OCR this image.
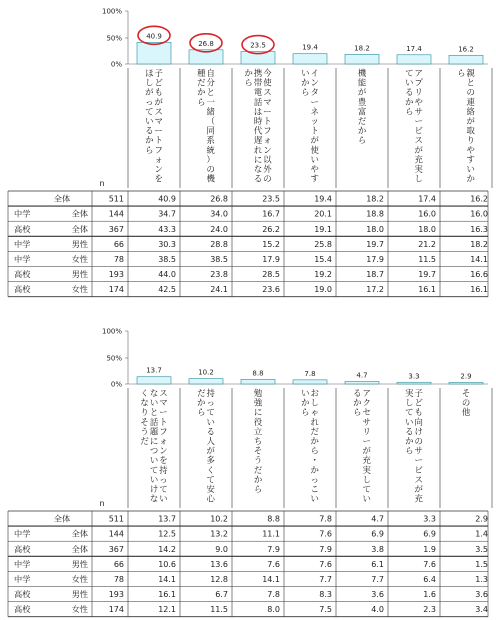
100%
50%
0%
40.9
26.8	23.5	19.4	18.2	17.4	16.2
子
ど
も
が
ス
マ
ー
ト
フ
ォ
ン
を
ほ
し
が
っ
て
い
る
か
ら
自
分
と
一
緒
（
同
系
統
）
の
機
種
だ
か
ら
今
使
ス
マ
ー
ト
フ
ォ
ン
以
外
の
携
帯
電
話
は
時
代
遅
れ
に
な
る
か
ら
イ
ン
タ
ー
ネ
ッ
ト
が
使
い
や
す
い
か
ら
機
能
が
豊
富
だ
か
ら
ア
プ
リ
や
サ
ー
ビ
ス
が
充
実
し
て
い
る
か
ら
親
と
の
連
絡
が
取
り
や
す
い
か
ら
n
全体	511	40.9	26.8	23.5	19.4	18.2	17.4	16.2
中学	全体	144	34.7	34.0	16.7	20.1	18.8	16.0	16.0
高校	全体	367	43.3	24.0	26.2	19.1	18.0	18.0	16.3
中学	男性	66	30.3	28.8	15.2	25.8	19.7	21.2	18.2
中学	女性	78	38.5	38.5	17.9	15.4	17.9	11.5	14.1
高校	男性	193	44.0	23.8	28.5	19.2	18.7	19.7	16.6
高校	女性	174	42.5	24.1	23.6	19.0	17.2	16.1	16.1
100%
50%
0%
13.7	10.2	8.8	7.8	4.7	3.3	2.9
ス
マ
ー
ト
フ
ォ
ン
を
持
っ
て
い
な
い
と
話
題
に
つ
い
て
い
け
な
く
な
り
そ
う
だ
持
っ
て
い
る
人
が
多
く
て
安
心
だ
か
ら
勉
強
に
役
立
ち
そ
う
だ
か
ら
お
し
ゃ
れ
だ
か
ら
・
か
っ
こ
い
い
か
ら
ア
ク
セ
サ
リ
ー
が
充
実
し
て
い
る
か
ら
子
ど
も
向
け
の
サ
ー
ビ
ス
が
充
実
し
て
い
る
か
ら
そ
の
他
n
全体	511	13.7	10.2	8.8	7.8	4.7	3.3	2.9
中学	全体	144	12.5	13.2	11.1	7.6	6.9	6.9	1.4
高校	全体	367	14.2	9.0	7.9	7.9	3.8	1.9	3.5
中学	男性	66	10.6	13.6	7.6	7.6	6.1	7.6	1.5
中学	女性	78	14.1	12.8	14.1	7.7	7.7	6.4	1.3
高校	男性	193	16.1	6.7	7.8	8.3	3.6	1.6	3.6
高校	女性	174	12.1	11.5	8.0	7.5	4.0	2.3	3.4
